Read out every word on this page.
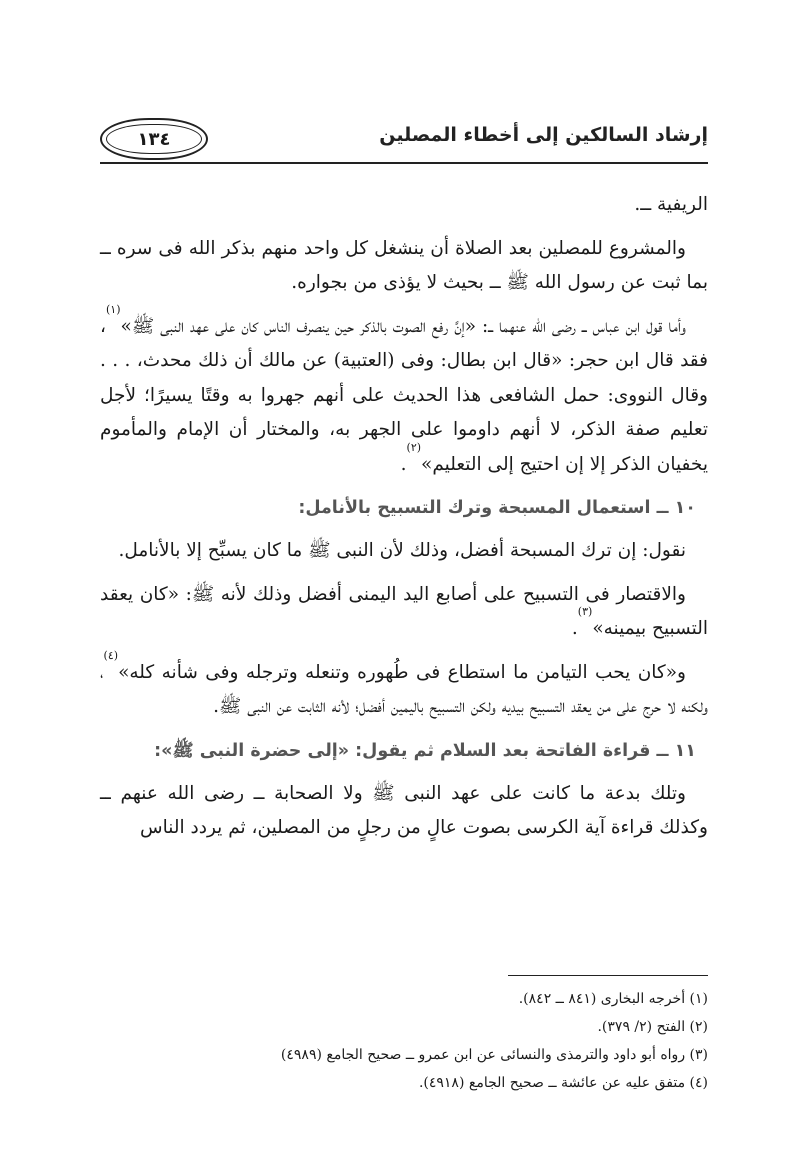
١٣٤	إرشاد السالكين إلى أخطاء المصلين

الريفية ــ.

والمشروع للمصلين بعد الصلاة أن ينشغل كل واحد منهم بذكر الله فى سره ــ بما ثبت عن رسول الله ﷺ ــ بحيث لا يؤذى من بجواره.

وأما قول ابن عباس ــ رضى الله عنهما ــ: «إنَّ رفع الصوت بالذكر حين ينصرف الناس كان على عهد النبى ﷺ»$^{(١)}$، فقد قال ابن حجر: «قال ابن بطال: وفى (العتبية) عن مالك أن ذلك محدث، . . . وقال النووى: حمل الشافعى هذا الحديث على أنهم جهروا به وقتًا يسيرًا؛ لأجل تعليم صفة الذكر، لا أنهم داوموا على الجهر به، والمختار أن الإمام والمأموم يخفيان الذكر إلا إن احتيج إلى التعليم»$^{(٢)}$.

١٠ ــ استعمال المسبحة وترك التسبيح بالأنامل:

نقول: إن ترك المسبحة أفضل، وذلك لأن النبى ﷺ ما كان يسبِّح إلا بالأنامل.

والاقتصار فى التسبيح على أصابع اليد اليمنى أفضل وذلك لأنه ﷺ: «كان يعقد التسبيح بيمينه»$^{(٣)}$.

و«كان يحب التيامن ما استطاع فى طُهوره وتنعله وترجله وفى شأنه كله»$^{(٤)}$، ولكنه لا حرج على من يعقد التسبيح بيديه ولكن التسبيح باليمين أفضل؛ لأنه الثابت عن النبى ﷺ.

١١ ــ قراءة الفاتحة بعد السلام ثم يقول: «إلى حضرة النبى ﷺ»:

وتلك بدعة ما كانت على عهد النبى ﷺ ولا الصحابة ــ رضى الله عنهم ــ وكذلك قراءة آية الكرسى بصوت عالٍ من رجلٍ من المصلين، ثم يردد الناس

(١) أخرجه البخارى (٨٤١ ــ ٨٤٢).
(٢) الفتح (٢/ ٣٧٩).
(٣) رواه أبو داود والترمذى والنسائى عن ابن عمرو ــ صحيح الجامع (٤٩٨٩)
(٤) متفق عليه عن عائشة ــ صحيح الجامع (٤٩١٨).
